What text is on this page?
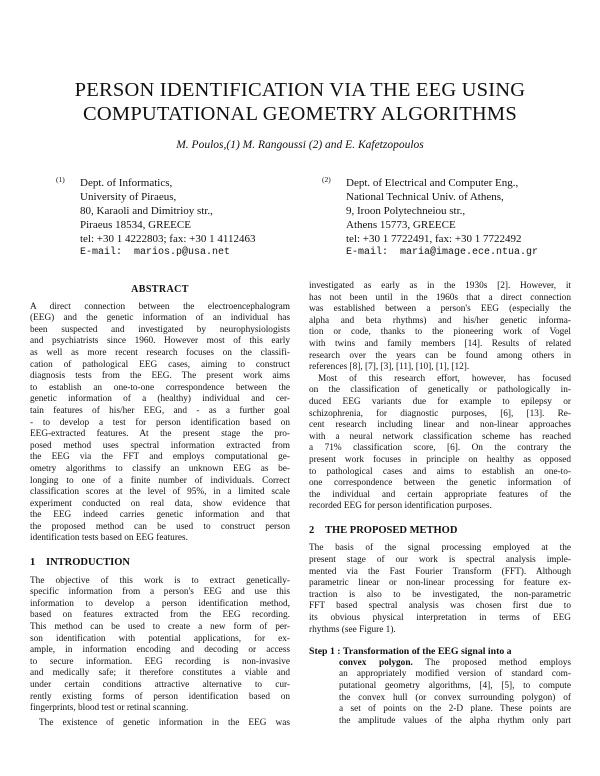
PERSON IDENTIFICATION VIA THE EEG USING
COMPUTATIONAL GEOMETRY ALGORITHMS
M. Poulos,(1) M. Rangoussi (2) and E. Kafetzopoulos
(1) Dept. of Informatics,
University of Piraeus,
80, Karaoli and Dimitrioy str.,
Piraeus 18534, GREECE
tel: +30 1 4222803; fax: +30 1 4112463
E-mail: marios.p@usa.net
(2) Dept. of Electrical and Computer Eng.,
National Technical Univ. of Athens,
9, Iroon Polytechneiou str.,
Athens 15773, GREECE
tel: +30 1 7722491, fax: +30 1 7722492
E-mail: maria@image.ece.ntua.gr
ABSTRACT
A direct connection between the electroencephalogram
(EEG) and the genetic information of an individual has
been suspected and investigated by neurophysiologists
and psychiatrists since 1960. However most of this early
as well as more recent research focuses on the classifi-
cation of pathological EEG cases, aiming to construct
diagnosis tests from the EEG. The present work aims
to establish an one-to-one correspondence between the
genetic information of a (healthy) individual and cer-
tain features of his/her EEG, and - as a further goal
- to develop a test for person identification based on
EEG-extracted features. At the present stage the pro-
posed method uses spectral information extracted from
the EEG via the FFT and employs computational ge-
ometry algorithms to classify an unknown EEG as be-
longing to one of a finite number of individuals. Correct
classification scores at the level of 95%, in a limited scale
experiment conducted on real data, show evidence that
the EEG indeed carries genetic information and that
the proposed method can be used to construct person
identification tests based on EEG features.
1 INTRODUCTION
The objective of this work is to extract genetically-
specific information from a person's EEG and use this
information to develop a person identification method,
based on features extracted from the EEG recording.
This method can be used to create a new form of per-
son identification with potential applications, for ex-
ample, in information encoding and decoding or access
to secure information. EEG recording is non-invasive
and medically safe; it therefore constitutes a viable and
under certain conditions attractive alternative to cur-
rently existing forms of person identification based on
fingerprints, blood test or retinal scanning.
The existence of genetic information in the EEG was
investigated as early as in the 1930s [2]. However, it
has not been until in the 1960s that a direct connection
was established between a person's EEG (especially the
alpha and beta rhythms) and his/her genetic informa-
tion or code, thanks to the pioneering work of Vogel
with twins and family members [14]. Results of related
research over the years can be found among others in
references [8], [7], [3], [11], [10], [1], [12].
Most of this research effort, however, has focused
on the classification of genetically or pathologically in-
duced EEG variants due for example to epilepsy or
schizophrenia, for diagnostic purposes, [6], [13]. Re-
cent research including linear and non-linear approaches
with a neural network classification scheme has reached
a 71% classification score, [6]. On the contrary the
present work focuses in principle on healthy as opposed
to pathological cases and aims to establish an one-to-
one correspondence between the genetic information of
the individual and certain appropriate features of the
recorded EEG for person identification purposes.
2 THE PROPOSED METHOD
The basis of the signal processing employed at the
present stage of our work is spectral analysis imple-
mented via the Fast Fourier Transform (FFT). Although
parametric linear or non-linear processing for feature ex-
traction is also to be investigated, the non-parametric
FFT based spectral analysis was chosen first due to
its obvious physical interpretation in terms of EEG
rhythms (see Figure 1).
Step 1 : Transformation of the EEG signal into a
convex polygon. The proposed method employs
an appropriately modified version of standard com-
putational geometry algorithms, [4], [5], to compute
the convex hull (or convex surrounding polygon) of
a set of points on the 2-D plane. These points are
the amplitude values of the alpha rhythm only part
